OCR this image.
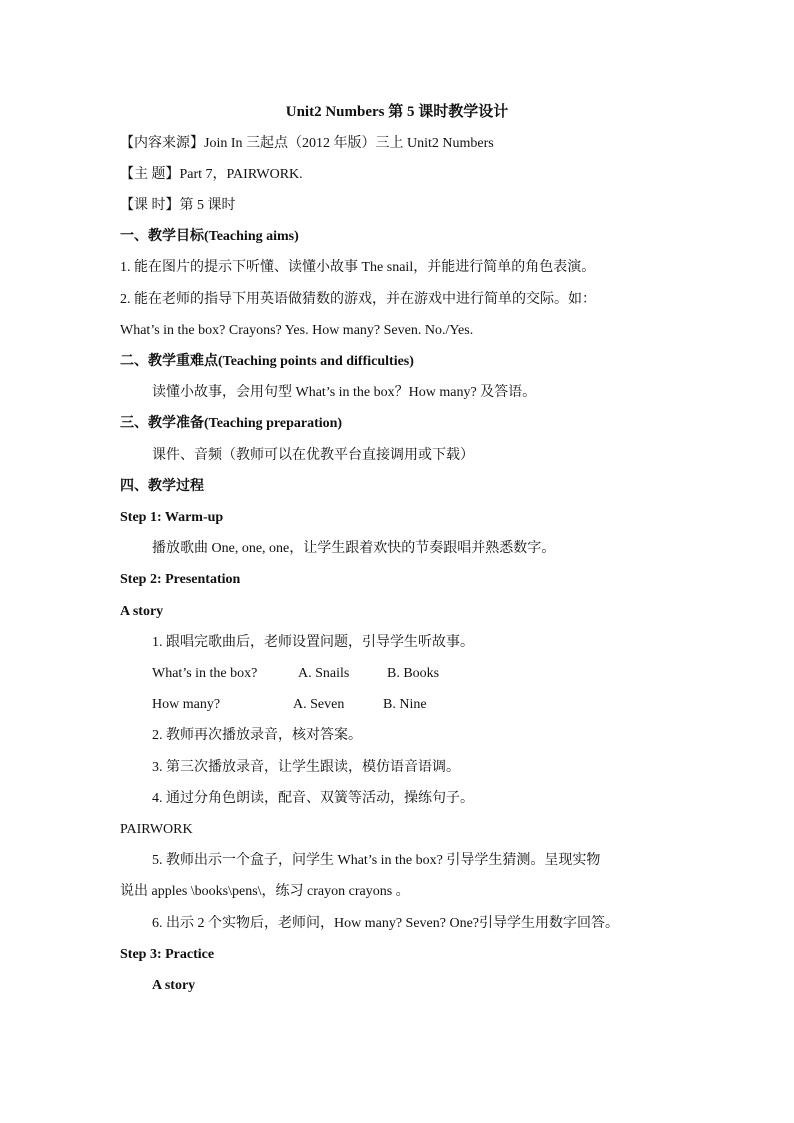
Unit2 Numbers 第 5 课时教学设计
【内容来源】Join In 三起点（2012 年版）三上 Unit2 Numbers
【主 题】Part 7，PAIRWORK.
【课 时】第 5 课时
一、教学目标(Teaching aims)
1. 能在图片的提示下听懂、读懂小故事 The snail，并能进行简单的角色表演。
2. 能在老师的指导下用英语做猜数的游戏，并在游戏中进行简单的交际。如：
What’s in the box? Crayons? Yes. How many? Seven. No./Yes.
二、教学重难点(Teaching points and difficulties)
读懂小故事，会用句型 What’s in the box？How many? 及答语。
三、教学准备(Teaching preparation)
课件、音频（教师可以在优教平台直接调用或下载）
四、教学过程
Step 1: Warm-up
播放歌曲 One, one, one，让学生跟着欢快的节奏跟唱并熟悉数字。
Step 2: Presentation
A story
1. 跟唱完歌曲后，老师设置问题，引导学生听故事。
What’s in the box?	A. Snails	B. Books
How many?	A. Seven	B. Nine
2. 教师再次播放录音，核对答案。
3. 第三次播放录音，让学生跟读，模仿语音语调。
4. 通过分角色朗读，配音、双簧等活动，操练句子。
PAIRWORK
5. 教师出示一个盒子，问学生 What’s in the box? 引导学生猜测。呈现实物
说出 apples \books\pens\，练习 crayon crayons 。
6. 出示 2 个实物后，老师问，How many? Seven? One?引导学生用数字回答。
Step 3: Practice
A story
